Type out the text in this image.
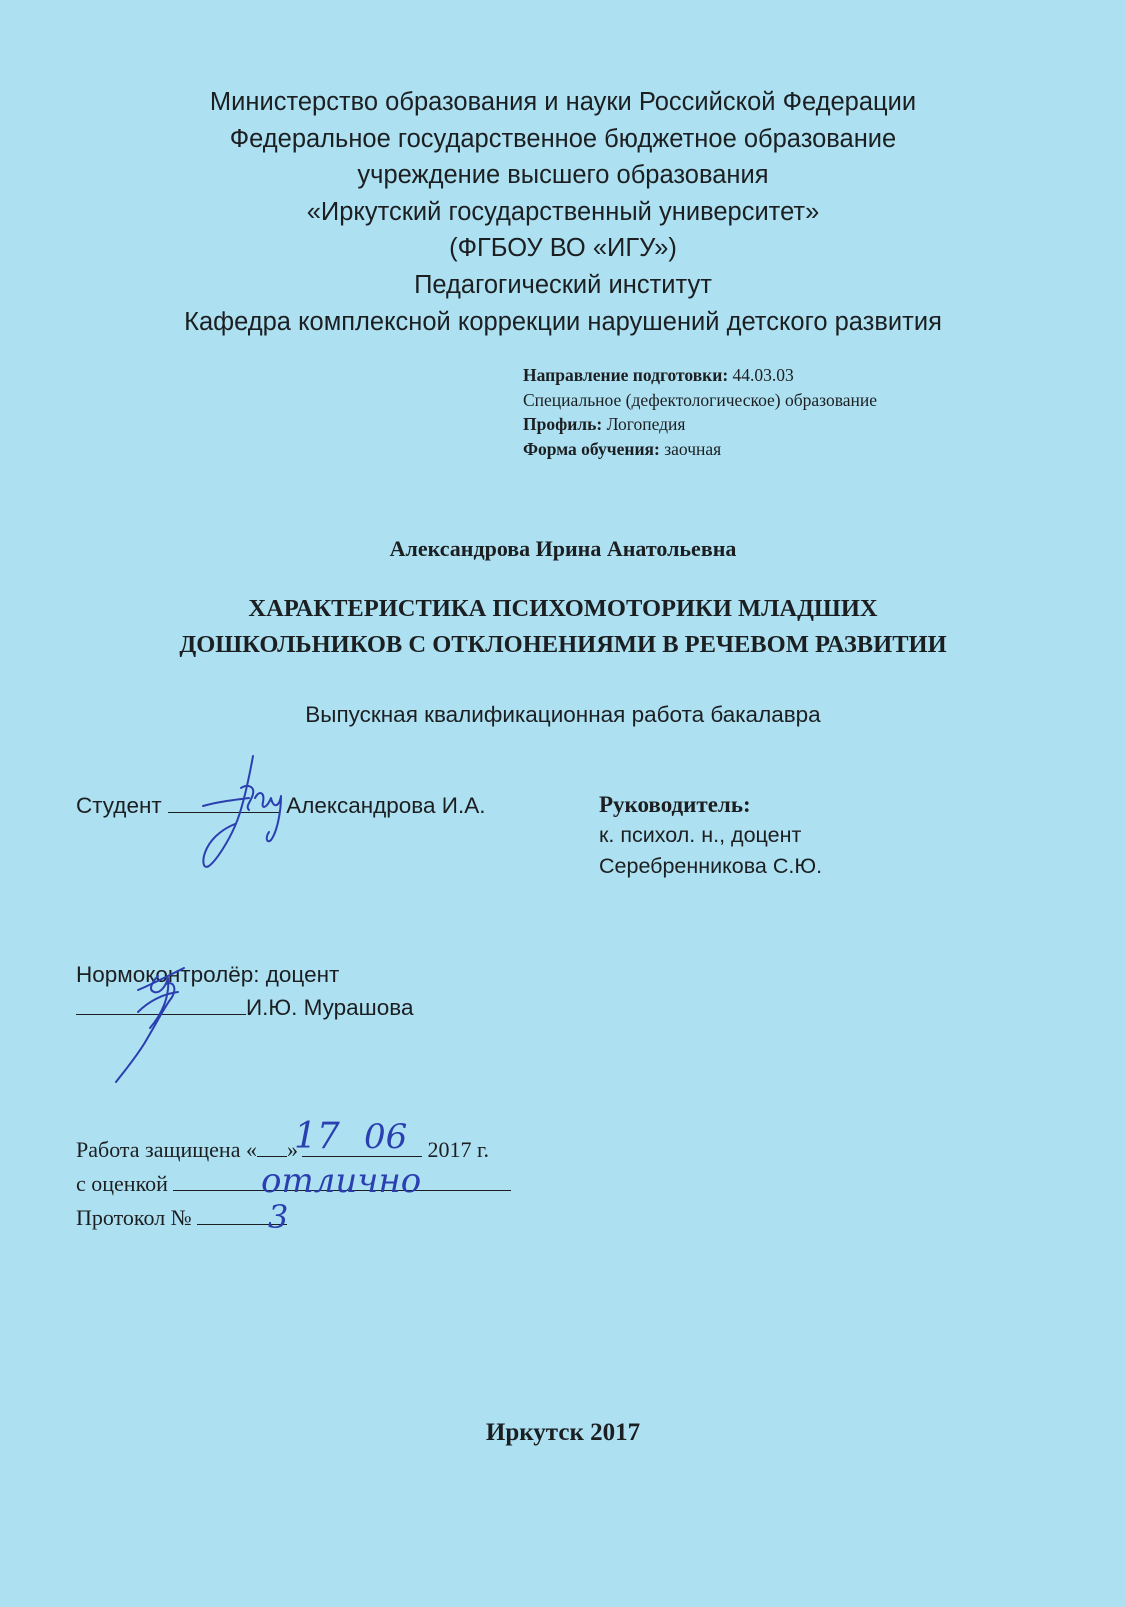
Министерство образования и науки Российской Федерации
Федеральное государственное бюджетное образование
учреждение высшего образования
«Иркутский государственный университет»
(ФГБОУ ВО «ИГУ»)
Педагогический институт
Кафедра комплексной коррекции нарушений детского развития
Направление подготовки: 44.03.03
Специальное (дефектологическое) образование
Профиль: Логопедия
Форма обучения: заочная
Александрова Ирина Анатольевна
ХАРАКТЕРИСТИКА ПСИХОМОТОРИКИ МЛАДШИХ
ДОШКОЛЬНИКОВ С ОТКЛОНЕНИЯМИ В РЕЧЕВОМ РАЗВИТИИ
Выпускная квалификационная работа бакалавра
Студент	Александрова И.А.	Руководитель:
к. психол. н., доцент
Серебренникова С.Ю.
Нормоконтролёр: доцент
И.Ю. Мурашова
Работа защищена « »	2017 г.
с оценкой
Протокол №
Иркутск 2017
17 06
отлично
3
